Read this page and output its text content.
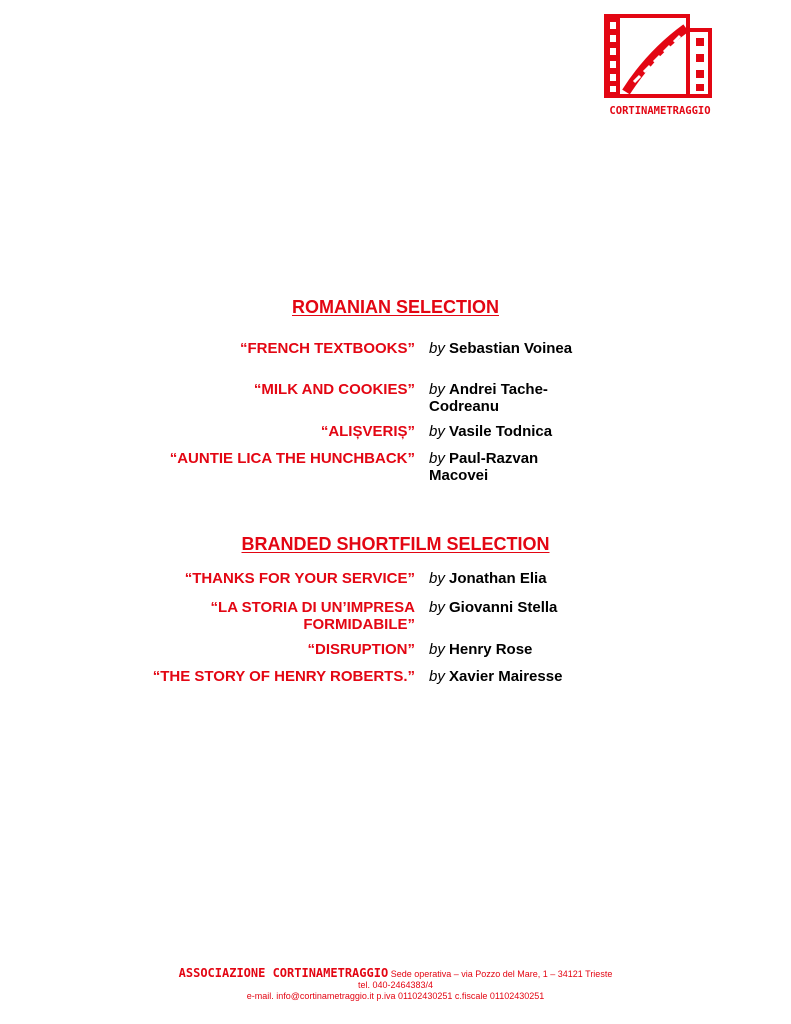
CORTINAMETRAGGIO
ROMANIAN SELECTION
“FRENCH TEXTBOOKS” by Sebastian Voinea
“MILK AND COOKIES” by Andrei Tache-Codreanu
“ALIȘVERIȘ” by Vasile Todnica
“AUNTIE LICA THE HUNCHBACK” by Paul-Razvan Macovei
BRANDED SHORTFILM SELECTION
“THANKS FOR YOUR SERVICE” by Jonathan Elia
“LA STORIA DI UN’IMPRESA FORMIDABILE”
by Giovanni Stella
“DISRUPTION” by Henry Rose
“THE STORY OF HENRY ROBERTS.” by Xavier Mairesse
ASSOCIAZIONE CORTINAMETRAGGIO Sede operativa – via Pozzo del Mare, 1 – 34121 Trieste
tel. 040-2464383/4
e-mail. info@cortinametraggio.it p.iva 01102430251 c.fiscale 01102430251
